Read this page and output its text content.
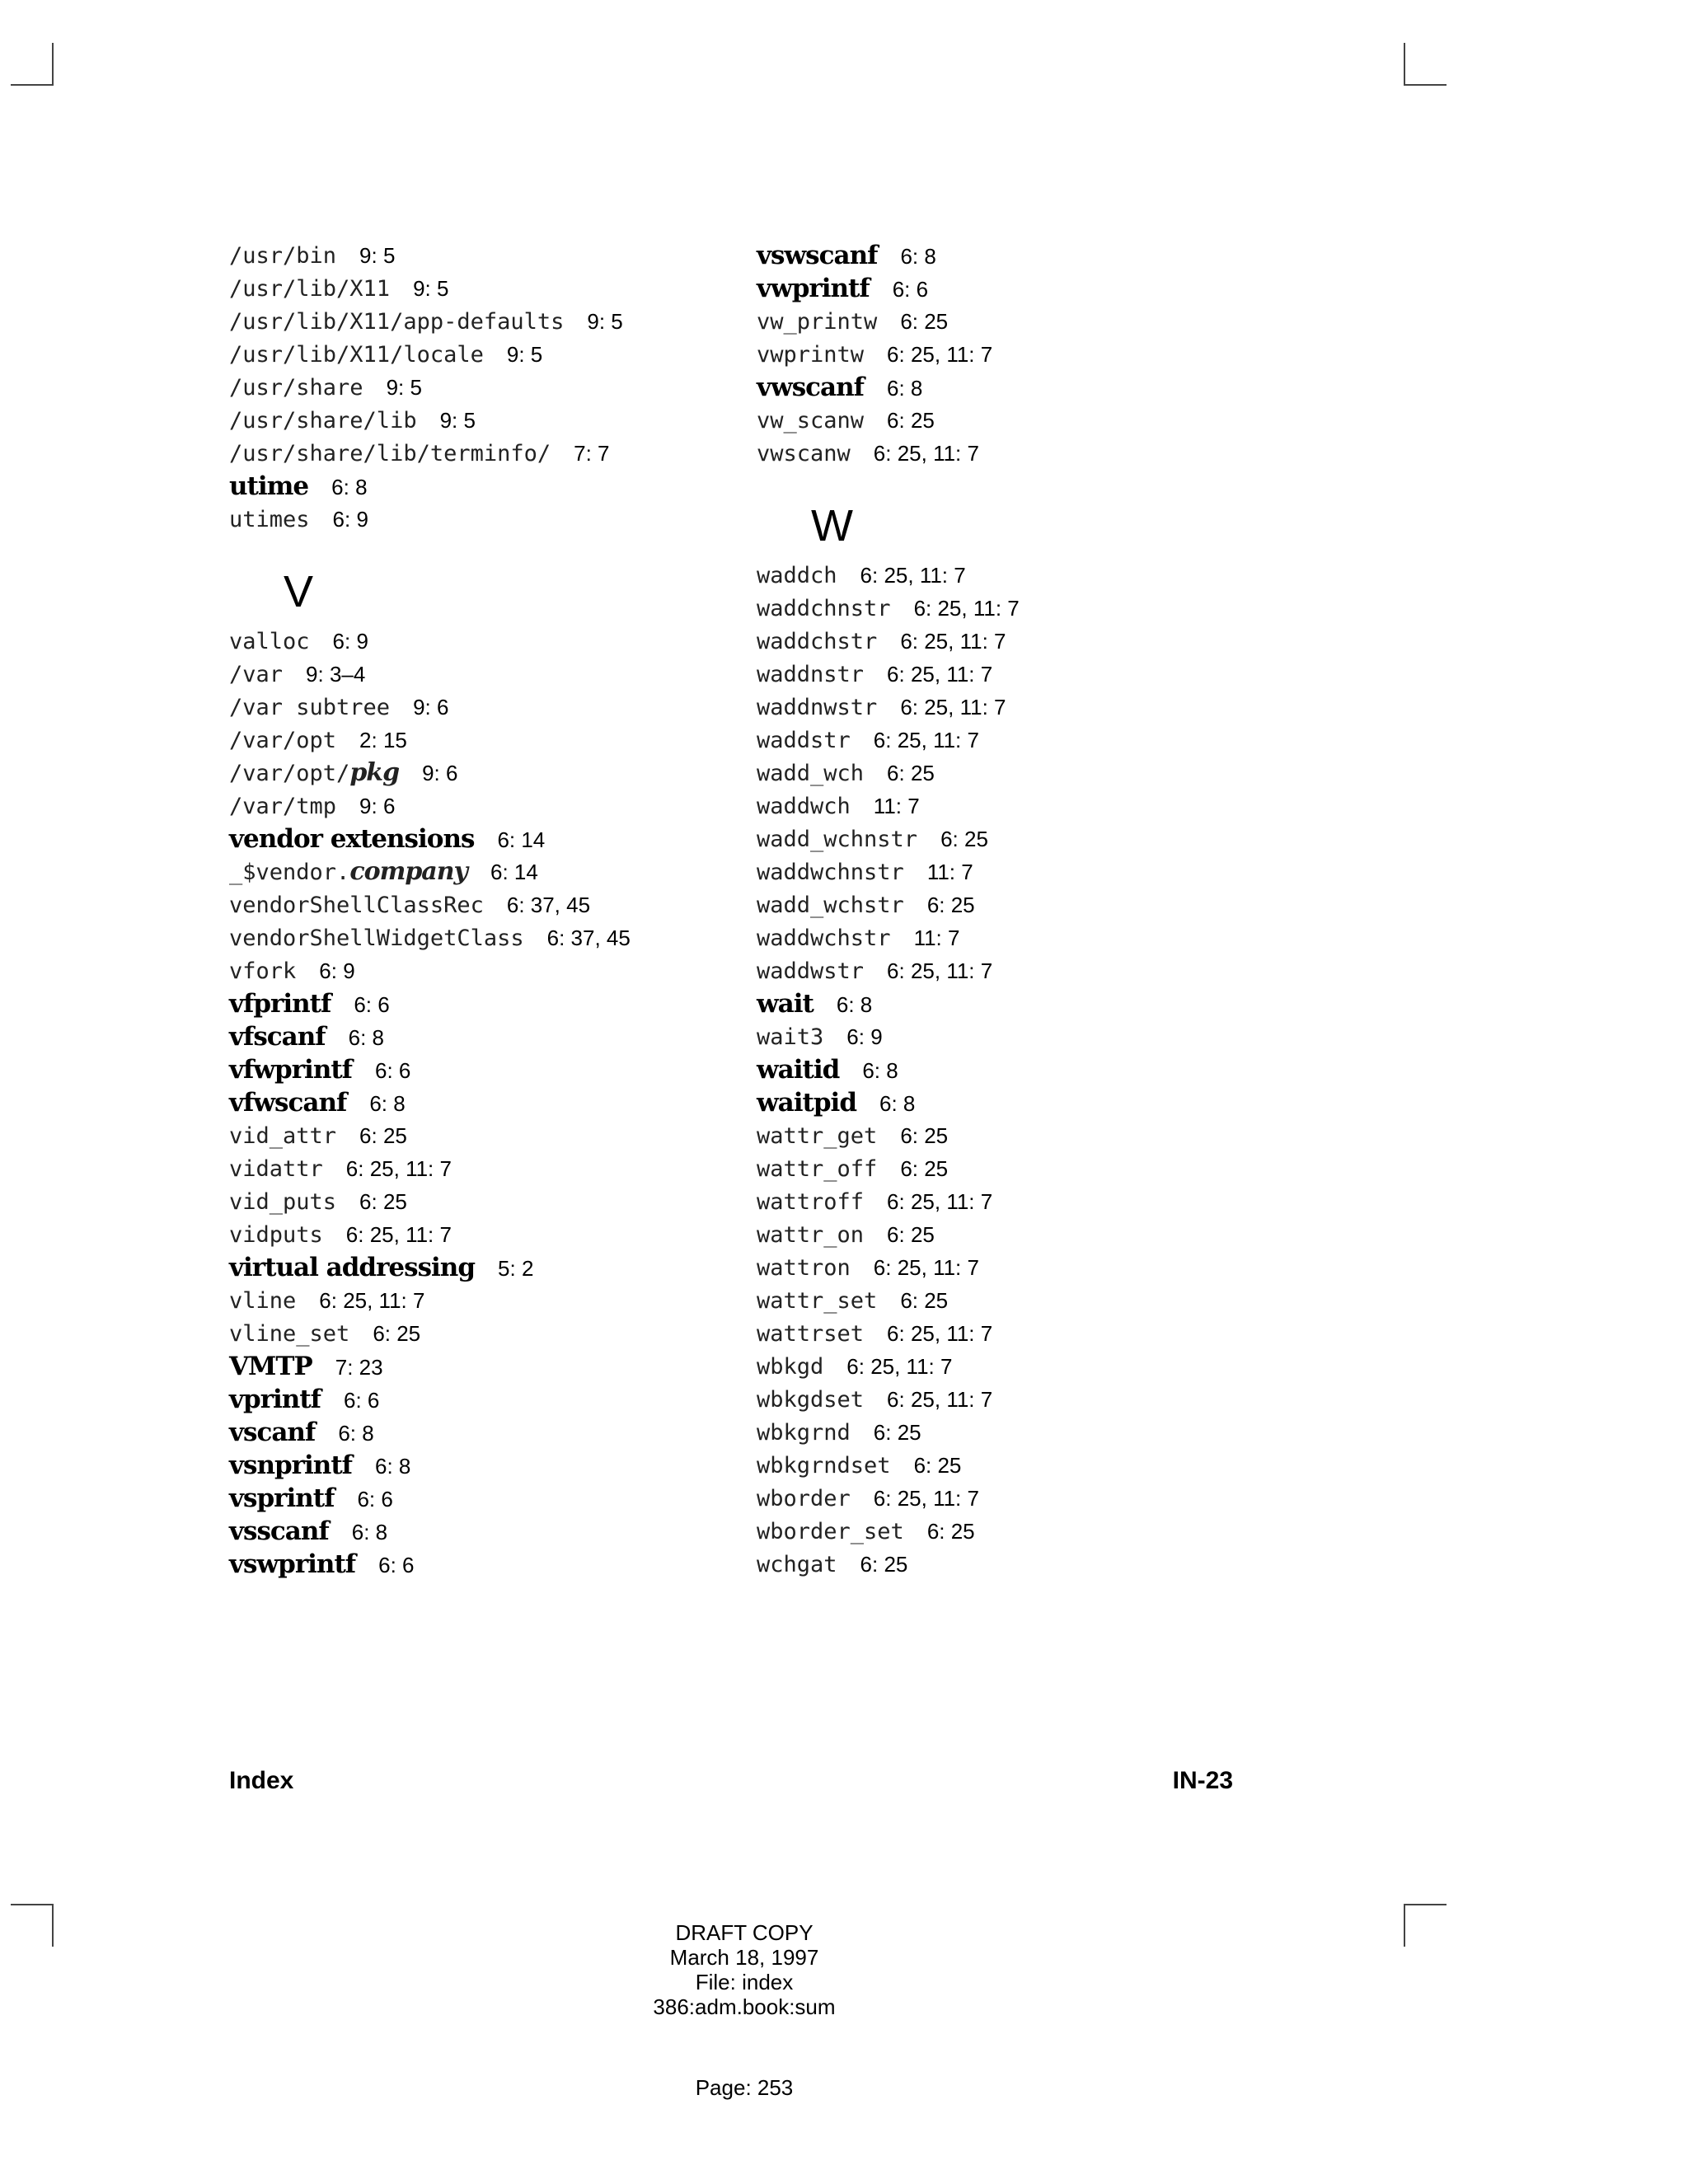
/usr/bin 9: 5
/usr/lib/X11 9: 5
/usr/lib/X11/app-defaults 9: 5
/usr/lib/X11/locale 9: 5
/usr/share 9: 5
/usr/share/lib 9: 5
/usr/share/lib/terminfo/ 7: 7
utime 6: 8
utimes 6: 9
V
valloc 6: 9
/var 9: 3–4
/var subtree 9: 6
/var/opt 2: 15
/var/opt/pkg 9: 6
/var/tmp 9: 6
vendor extensions 6: 14
_$vendor.company 6: 14
vendorShellClassRec 6: 37, 45
vendorShellWidgetClass 6: 37, 45
vfork 6: 9
vfprintf 6: 6
vfscanf 6: 8
vfwprintf 6: 6
vfwscanf 6: 8
vid_attr 6: 25
vidattr 6: 25, 11: 7
vid_puts 6: 25
vidputs 6: 25, 11: 7
virtual addressing 5: 2
vline 6: 25, 11: 7
vline_set 6: 25
VMTP 7: 23
vprintf 6: 6
vscanf 6: 8
vsnprintf 6: 8
vsprintf 6: 6
vsscanf 6: 8
vswprintf 6: 6
vswscanf 6: 8
vwprintf 6: 6
vw_printw 6: 25
vwprintw 6: 25, 11: 7
vwscanf 6: 8
vw_scanw 6: 25
vwscanw 6: 25, 11: 7
W
waddch 6: 25, 11: 7
waddchnstr 6: 25, 11: 7
waddchstr 6: 25, 11: 7
waddnstr 6: 25, 11: 7
waddnwstr 6: 25, 11: 7
waddstr 6: 25, 11: 7
wadd_wch 6: 25
waddwch 11: 7
wadd_wchnstr 6: 25
waddwchnstr 11: 7
wadd_wchstr 6: 25
waddwchstr 11: 7
waddwstr 6: 25, 11: 7
wait 6: 8
wait3 6: 9
waitid 6: 8
waitpid 6: 8
wattr_get 6: 25
wattr_off 6: 25
wattroff 6: 25, 11: 7
wattr_on 6: 25
wattron 6: 25, 11: 7
wattr_set 6: 25
wattrset 6: 25, 11: 7
wbkgd 6: 25, 11: 7
wbkgdset 6: 25, 11: 7
wbkgrnd 6: 25
wbkgrndset 6: 25
wborder 6: 25, 11: 7
wborder_set 6: 25
wchgat 6: 25
Index	IN-23
DRAFT COPY
March 18, 1997
File: index
386:adm.book:sum
Page: 253
